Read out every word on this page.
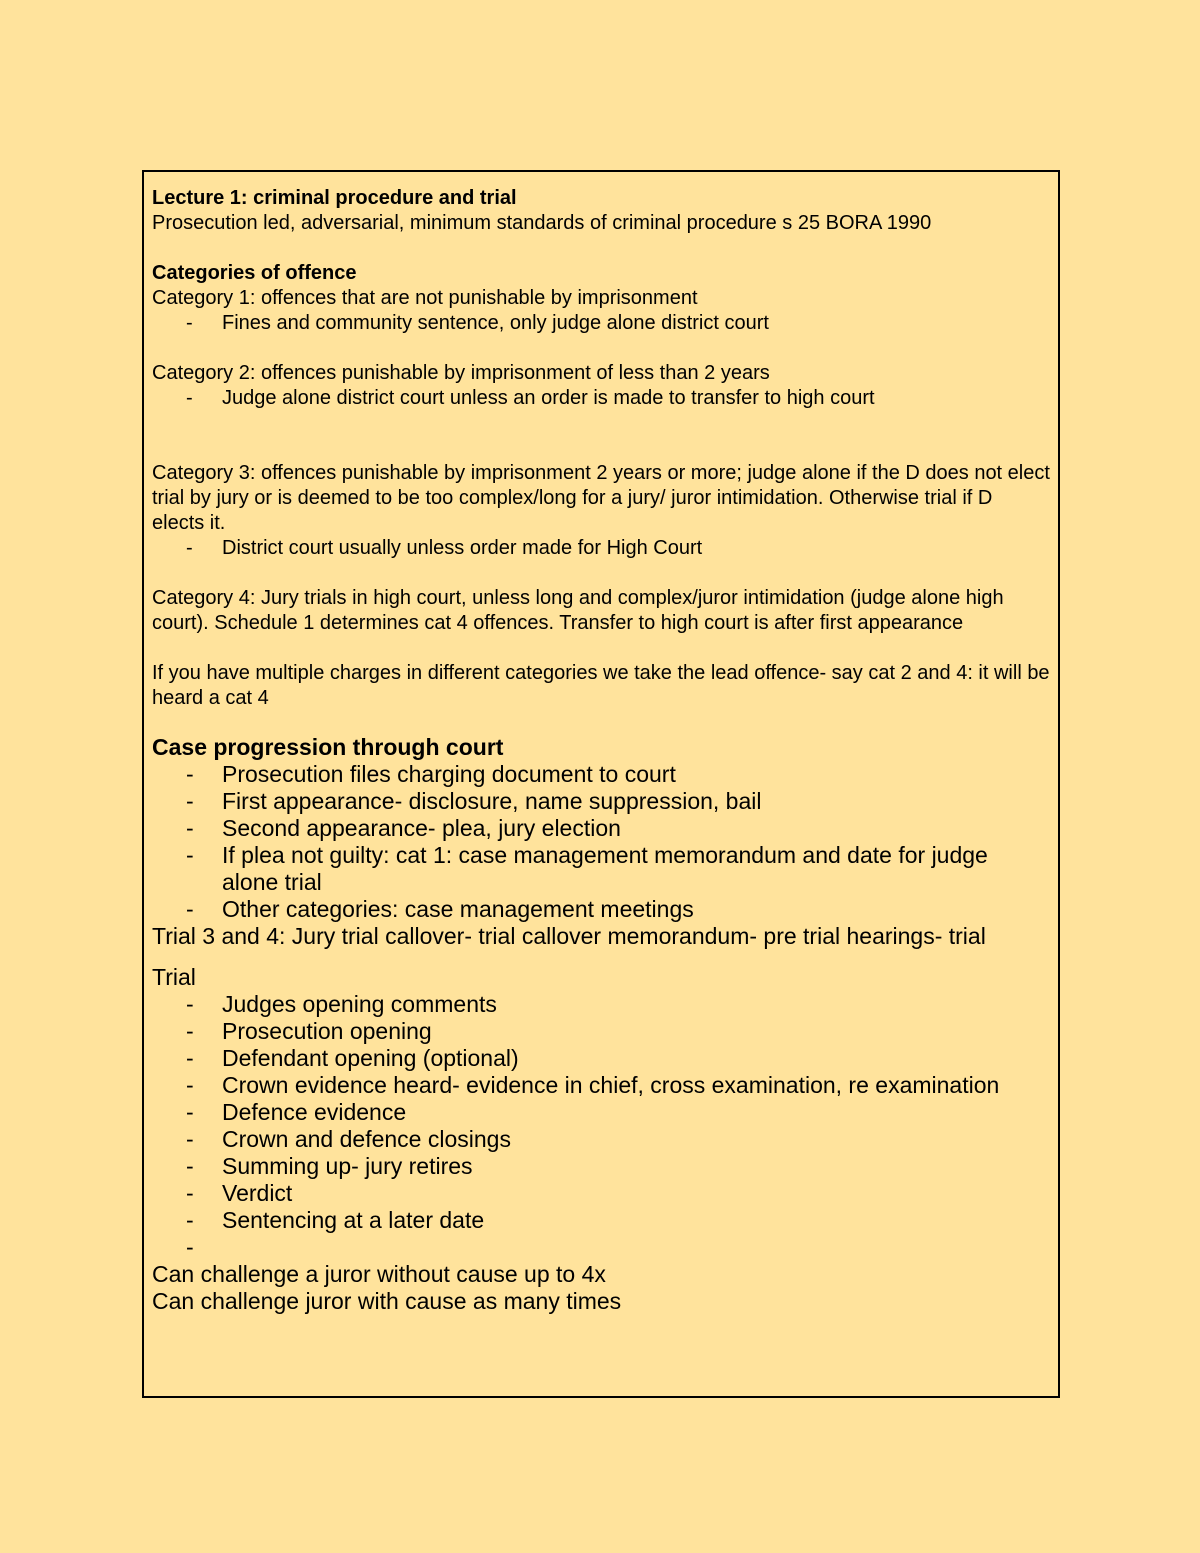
Lecture 1: criminal procedure and trial

Prosecution led, adversarial, minimum standards of criminal procedure s 25 BORA 1990

Categories of offence

Category 1: offences that are not punishable by imprisonment

- Fines and community sentence, only judge alone district court

Category 2: offences punishable by imprisonment of less than 2 years

- Judge alone district court unless an order is made to transfer to high court

Category 3: offences punishable by imprisonment 2 years or more; judge alone if the D does not elect trial by jury or is deemed to be too complex/long for a jury/ juror intimidation. Otherwise trial if D elects it.

- District court usually unless order made for High Court

Category 4: Jury trials in high court, unless long and complex/juror intimidation (judge alone high court). Schedule 1 determines cat 4 offences. Transfer to high court is after first appearance

If you have multiple charges in different categories we take the lead offence- say cat 2 and 4: it will be heard a cat 4

Case progression through court

- Prosecution files charging document to court
- First appearance- disclosure, name suppression, bail
- Second appearance- plea, jury election
- If plea not guilty: cat 1: case management memorandum and date for judge alone trial
- Other categories: case management meetings

Trial 3 and 4: Jury trial callover- trial callover memorandum- pre trial hearings- trial

Trial

- Judges opening comments
- Prosecution opening
- Defendant opening (optional)
- Crown evidence heard- evidence in chief, cross examination, re examination
- Defence evidence
- Crown and defence closings
- Summing up- jury retires
- Verdict
- Sentencing at a later date
-

Can challenge a juror without cause up to 4x

Can challenge juror with cause as many times
